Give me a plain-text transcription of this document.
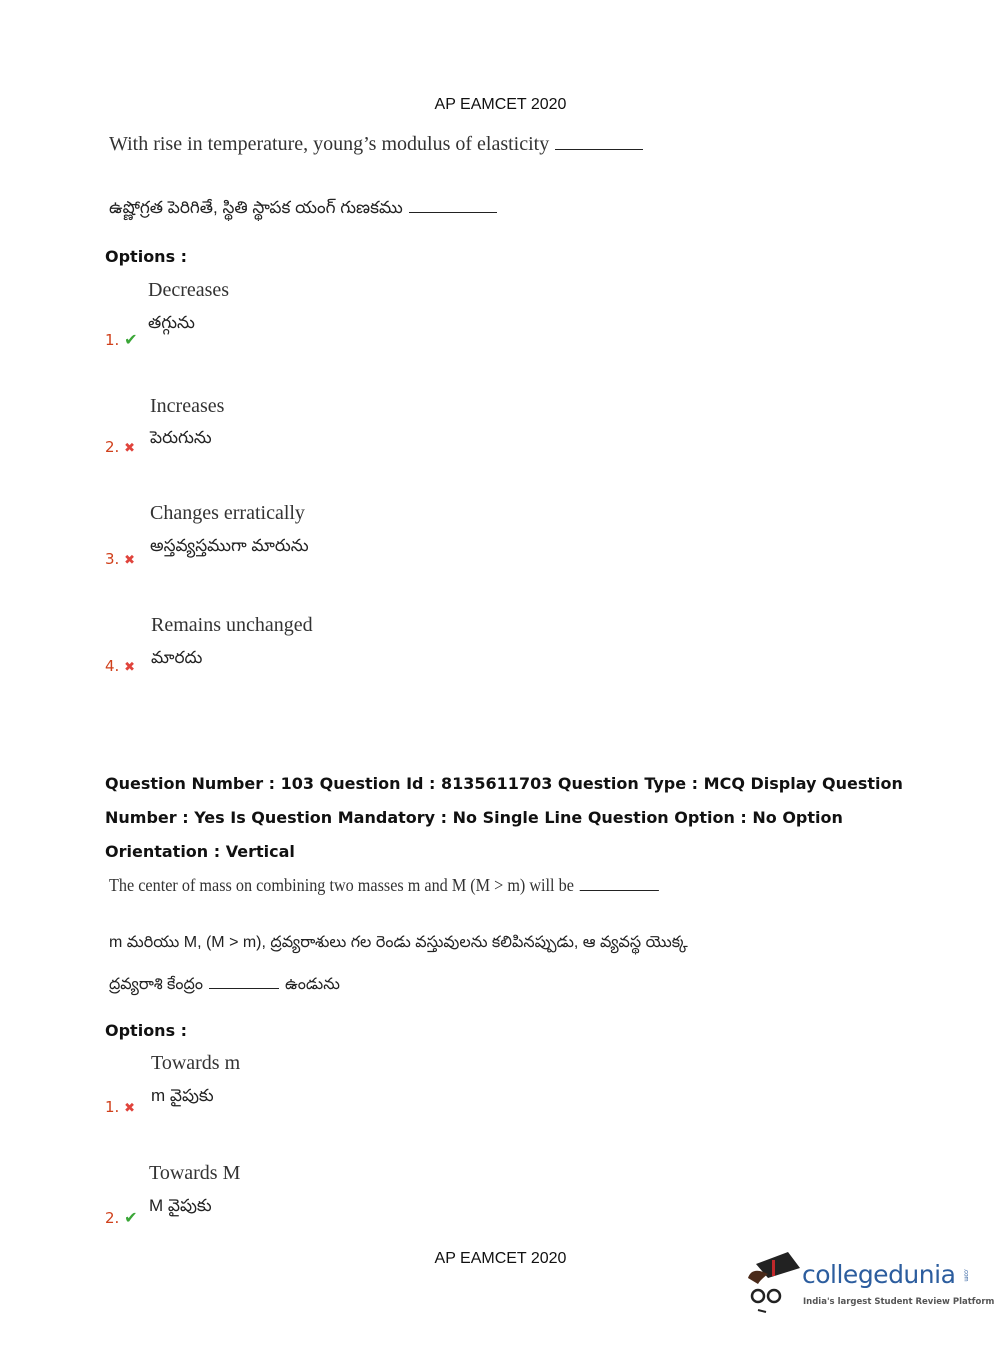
AP EAMCET 2020
With rise in temperature, young’s modulus of elasticity
ఉష్ణోగ్రత పెరిగితే, స్థితి స్థాపక యంగ్ గుణకము
Options :
Decreases
తగ్గును
1. ✔
Increases
పెరుగును
2. ✖
Changes erratically
అస్తవ్యస్తముగా మారును
3. ✖
Remains unchanged
మారదు
4. ✖
Question Number : 103 Question Id : 8135611703 Question Type : MCQ Display Question
Number : Yes Is Question Mandatory : No Single Line Question Option : No Option
Orientation : Vertical
The center of mass on combining two masses m and M (M > m) will be
m మరియు M, (M > m), ద్రవ్యరాశులు గల రెండు వస్తువులను కలిపినప్పుడు, ఆ వ్యవస్థ యొక్క
ద్రవ్యరాశి కేంద్రం	ఉండును
Options :
Towards m
m వైపుకు
1. ✖
Towards M
M వైపుకు
2. ✔
AP EAMCET 2020
collegedunia .com
India's largest Student Review Platform
